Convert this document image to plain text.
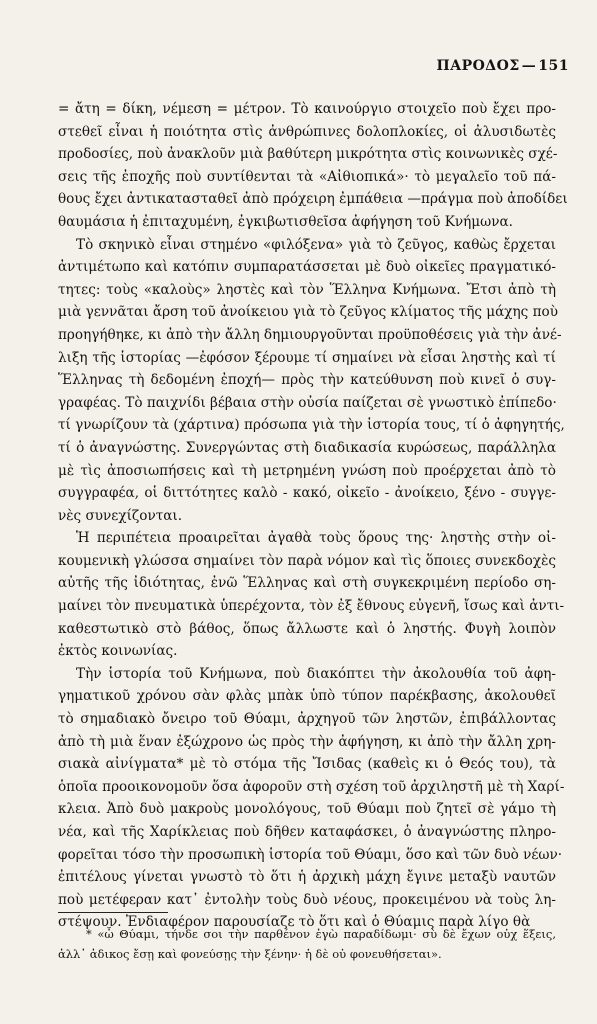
ΠΑΡΟΔΟΣ — 151

= ἄτη = δίκη, νέμεση = μέτρον. Τὸ καινούργιο στοιχεῖο ποὺ ἔχει προ-
στεθεῖ εἶναι ἡ ποιότητα στὶς ἀνθρώπινες δολοπλοκίες, οἱ ἀλυσιδωτὲς
προδοσίες, ποὺ ἀνακλοῦν μιὰ βαθύτερη μικρότητα στὶς κοινωνικὲς σχέ-
σεις τῆς ἐποχῆς ποὺ συντίθενται τὰ «Αἰθιοπικά»· τὸ μεγαλεῖο τοῦ πά-
θους ἔχει ἀντικατασταθεῖ ἀπὸ πρόχειρη ἐμπάθεια —πράγμα ποὺ ἀποδίδει
θαυμάσια ἡ ἐπιταχυμένη, ἐγκιβωτισθεῖσα ἀφήγηση τοῦ Κνήμωνα.

Τὸ σκηνικὸ εἶναι στημένο «φιλόξενα» γιὰ τὸ ζεῦγος, καθὼς ἔρχεται
ἀντιμέτωπο καὶ κατόπιν συμπαρατάσσεται μὲ δυὸ οἰκεῖες πραγματικό-
τητες: τοὺς «καλοὺς» ληστὲς καὶ τὸν Ἕλληνα Κνήμωνα. Ἔτσι ἀπὸ τὴ
μιὰ γεννᾶται ἄρση τοῦ ἀνοίκειου γιὰ τὸ ζεῦγος κλίματος τῆς μάχης ποὺ
προηγήθηκε, κι ἀπὸ τὴν ἄλλη δημιουργοῦνται προϋποθέσεις γιὰ τὴν ἀνέ-
λιξη τῆς ἱστορίας —ἐφόσον ξέρουμε τί σημαίνει νὰ εἶσαι ληστὴς καὶ τί
Ἕλληνας τὴ δεδομένη ἐποχή— πρὸς τὴν κατεύθυνση ποὺ κινεῖ ὁ συγ-
γραφέας. Τὸ παιχνίδι βέβαια στὴν οὐσία παίζεται σὲ γνωστικὸ ἐπίπεδο·
τί γνωρίζουν τὰ (χάρτινα) πρόσωπα γιὰ τὴν ἱστορία τους, τί ὁ ἀφηγητής,
τί ὁ ἀναγνώστης. Συνεργώντας στὴ διαδικασία κυρώσεως, παράλληλα
μὲ τὶς ἀποσιωπήσεις καὶ τὴ μετρημένη γνώση ποὺ προέρχεται ἀπὸ τὸ
συγγραφέα, οἱ διττότητες καλὸ - κακό, οἰκεῖο - ἀνοίκειο, ξένο - συγγε-
νὲς συνεχίζονται.

Ἡ περιπέτεια προαιρεῖται ἀγαθὰ τοὺς ὅρους της· ληστὴς στὴν οἰ-
κουμενικὴ γλώσσα σημαίνει τὸν παρὰ νόμον καὶ τὶς ὅποιες συνεκδοχὲς
αὐτῆς τῆς ἰδιότητας, ἐνῶ Ἕλληνας καὶ στὴ συγκεκριμένη περίοδο ση-
μαίνει τὸν πνευματικὰ ὑπερέχοντα, τὸν ἐξ ἔθνους εὐγενῆ, ἴσως καὶ ἀντι-
καθεστωτικὸ στὸ βάθος, ὅπως ἄλλωστε καὶ ὁ ληστής. Φυγὴ λοιπὸν
ἐκτὸς κοινωνίας.

Τὴν ἱστορία τοῦ Κνήμωνα, ποὺ διακόπτει τὴν ἀκολουθία τοῦ ἀφη-
γηματικοῦ χρόνου σὰν φλὰς μπὰκ ὑπὸ τύπον παρέκβασης, ἀκολουθεῖ
τὸ σημαδιακὸ ὄνειρο τοῦ Θύαμι, ἀρχηγοῦ τῶν ληστῶν, ἐπιβάλλοντας
ἀπὸ τὴ μιὰ ἕναν ἐξώχρονο ὡς πρὸς τὴν ἀφήγηση, κι ἀπὸ τὴν ἄλλη χρη-
σιακὰ αἰνίγματα* μὲ τὸ στόμα τῆς Ἴσιδας (καθεὶς κι ὁ Θεός του), τὰ
ὁποῖα προοικονομοῦν ὅσα ἀφοροῦν στὴ σχέση τοῦ ἀρχιληστῆ μὲ τὴ Χαρί-
κλεια. Ἀπὸ δυὸ μακροὺς μονολόγους, τοῦ Θύαμι ποὺ ζητεῖ σὲ γάμο τὴ
νέα, καὶ τῆς Χαρίκλειας ποὺ δῆθεν καταφάσκει, ὁ ἀναγνώστης πληρο-
φορεῖται τόσο τὴν προσωπικὴ ἱστορία τοῦ Θύαμι, ὅσο καὶ τῶν δυὸ νέων·
ἐπιτέλους γίνεται γνωστὸ τὸ ὅτι ἡ ἀρχικὴ μάχη ἔγινε μεταξὺ ναυτῶν
ποὺ μετέφεραν κατ᾽ ἐντολὴν τοὺς δυὸ νέους, προκειμένου νὰ τοὺς λη-
στέψουν. Ἐνδιαφέρον παρουσίαζε τὸ ὅτι καὶ ὁ Θύαμις παρὰ λίγο θὰ

* «ὦ Θύαμι, τήνδε σοι τὴν παρθένον ἐγὼ παραδίδωμι· σὺ δὲ ἔχων οὐχ ἕξεις,
ἀλλ᾽ ἀδικος ἔσῃ καὶ φονεύσῃς τὴν ξένην· ἡ δὲ οὐ φονευθήσεται».
